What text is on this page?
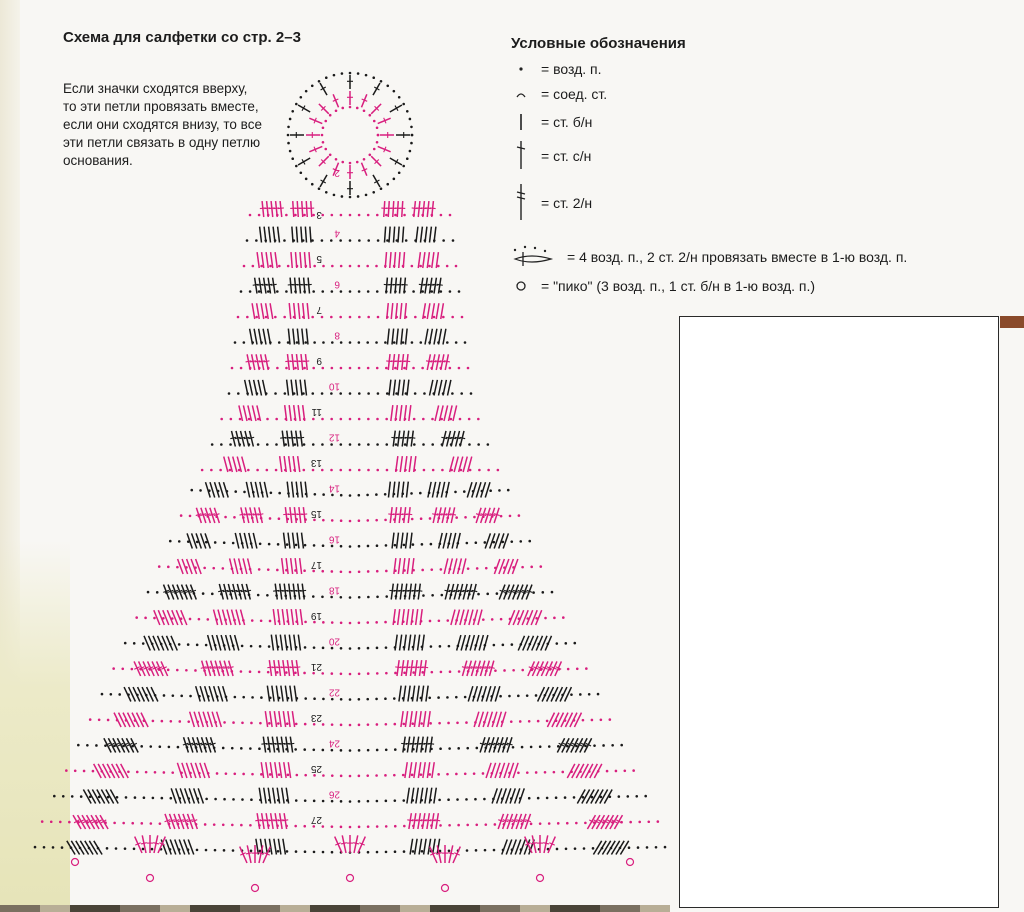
Схема для салфетки со стр. 2–3

Если значки сходятся вверху, то эти петли провязать вместе, если они сходятся внизу, то все эти петли связать в одну петлю основания.

Условные обозначения
= возд. п.
= соед. ст.
= ст. б/н
= ст. с/н
= ст. 2/н
= 4 возд. п., 2 ст. 2/н провязать вместе в 1-ю возд. п.
= "пико" (3 возд. п., 1 ст. б/н в 1-ю возд. п.)
2
3
4
5
6
7
8
9
10
11
12
13
14
15
16
17
18
19
20
21
22
23
24
25
26
27
